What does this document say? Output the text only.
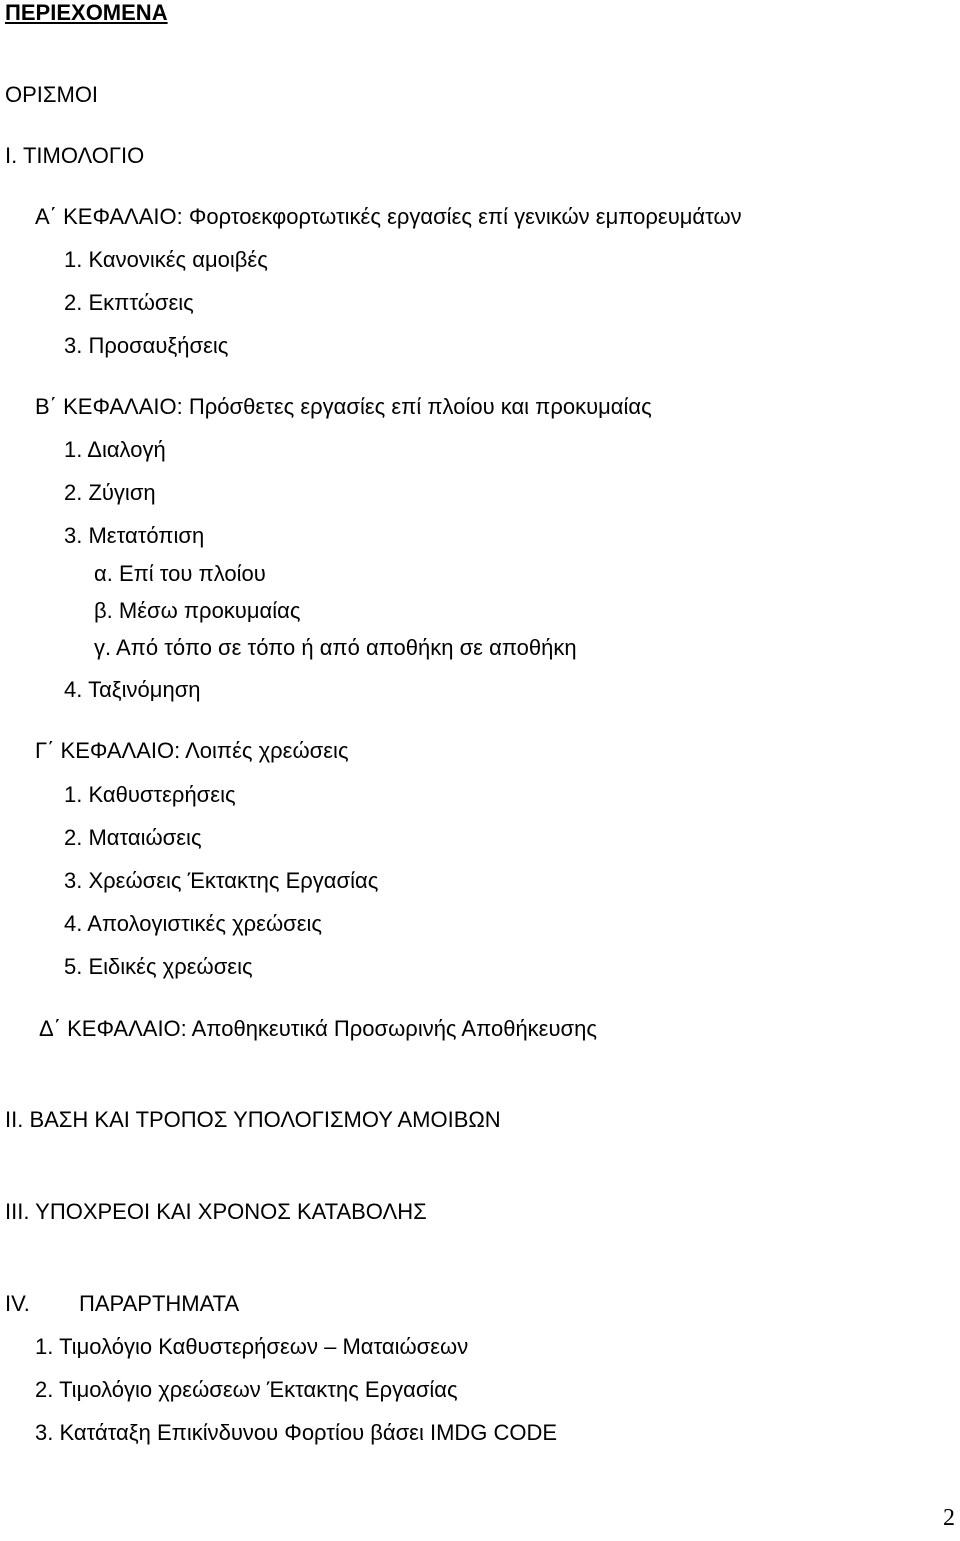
ΠΕΡΙΕΧΟΜΕΝΑ
ΟΡΙΣΜΟΙ
Ι. ΤΙΜΟΛΟΓΙΟ
Α΄ ΚΕΦΑΛΑΙΟ: Φορτοεκφορτωτικές εργασίες επί γενικών εμπορευμάτων
1. Κανονικές αμοιβές
2. Εκπτώσεις
3. Προσαυξήσεις
Β΄ ΚΕΦΑΛΑΙΟ: Πρόσθετες εργασίες επί πλοίου και προκυμαίας
1. Διαλογή
2. Ζύγιση
3. Μετατόπιση
α. Επί του πλοίου
β. Μέσω προκυμαίας
γ. Από τόπο σε τόπο ή από αποθήκη σε αποθήκη
4. Ταξινόμηση
Γ΄ ΚΕΦΑΛΑΙΟ: Λοιπές χρεώσεις
1. Καθυστερήσεις
2. Ματαιώσεις
3. Χρεώσεις Έκτακτης Εργασίας
4. Απολογιστικές χρεώσεις
5. Ειδικές χρεώσεις
Δ΄ ΚΕΦΑΛΑΙΟ: Αποθηκευτικά Προσωρινής Αποθήκευσης
ΙΙ. ΒΑΣΗ ΚΑΙ ΤΡΟΠΟΣ ΥΠΟΛΟΓΙΣΜΟΥ ΑΜΟΙΒΩΝ
ΙΙΙ. ΥΠΟΧΡΕΟΙ ΚΑΙ ΧΡΟΝΟΣ ΚΑΤΑΒΟΛΗΣ
ΙV. ΠΑΡΑΡΤΗΜΑΤΑ
1. Τιμολόγιο Καθυστερήσεων – Ματαιώσεων
2. Τιμολόγιο χρεώσεων Έκτακτης Εργασίας
3. Κατάταξη Επικίνδυνου Φορτίου βάσει IMDG CODE
2
